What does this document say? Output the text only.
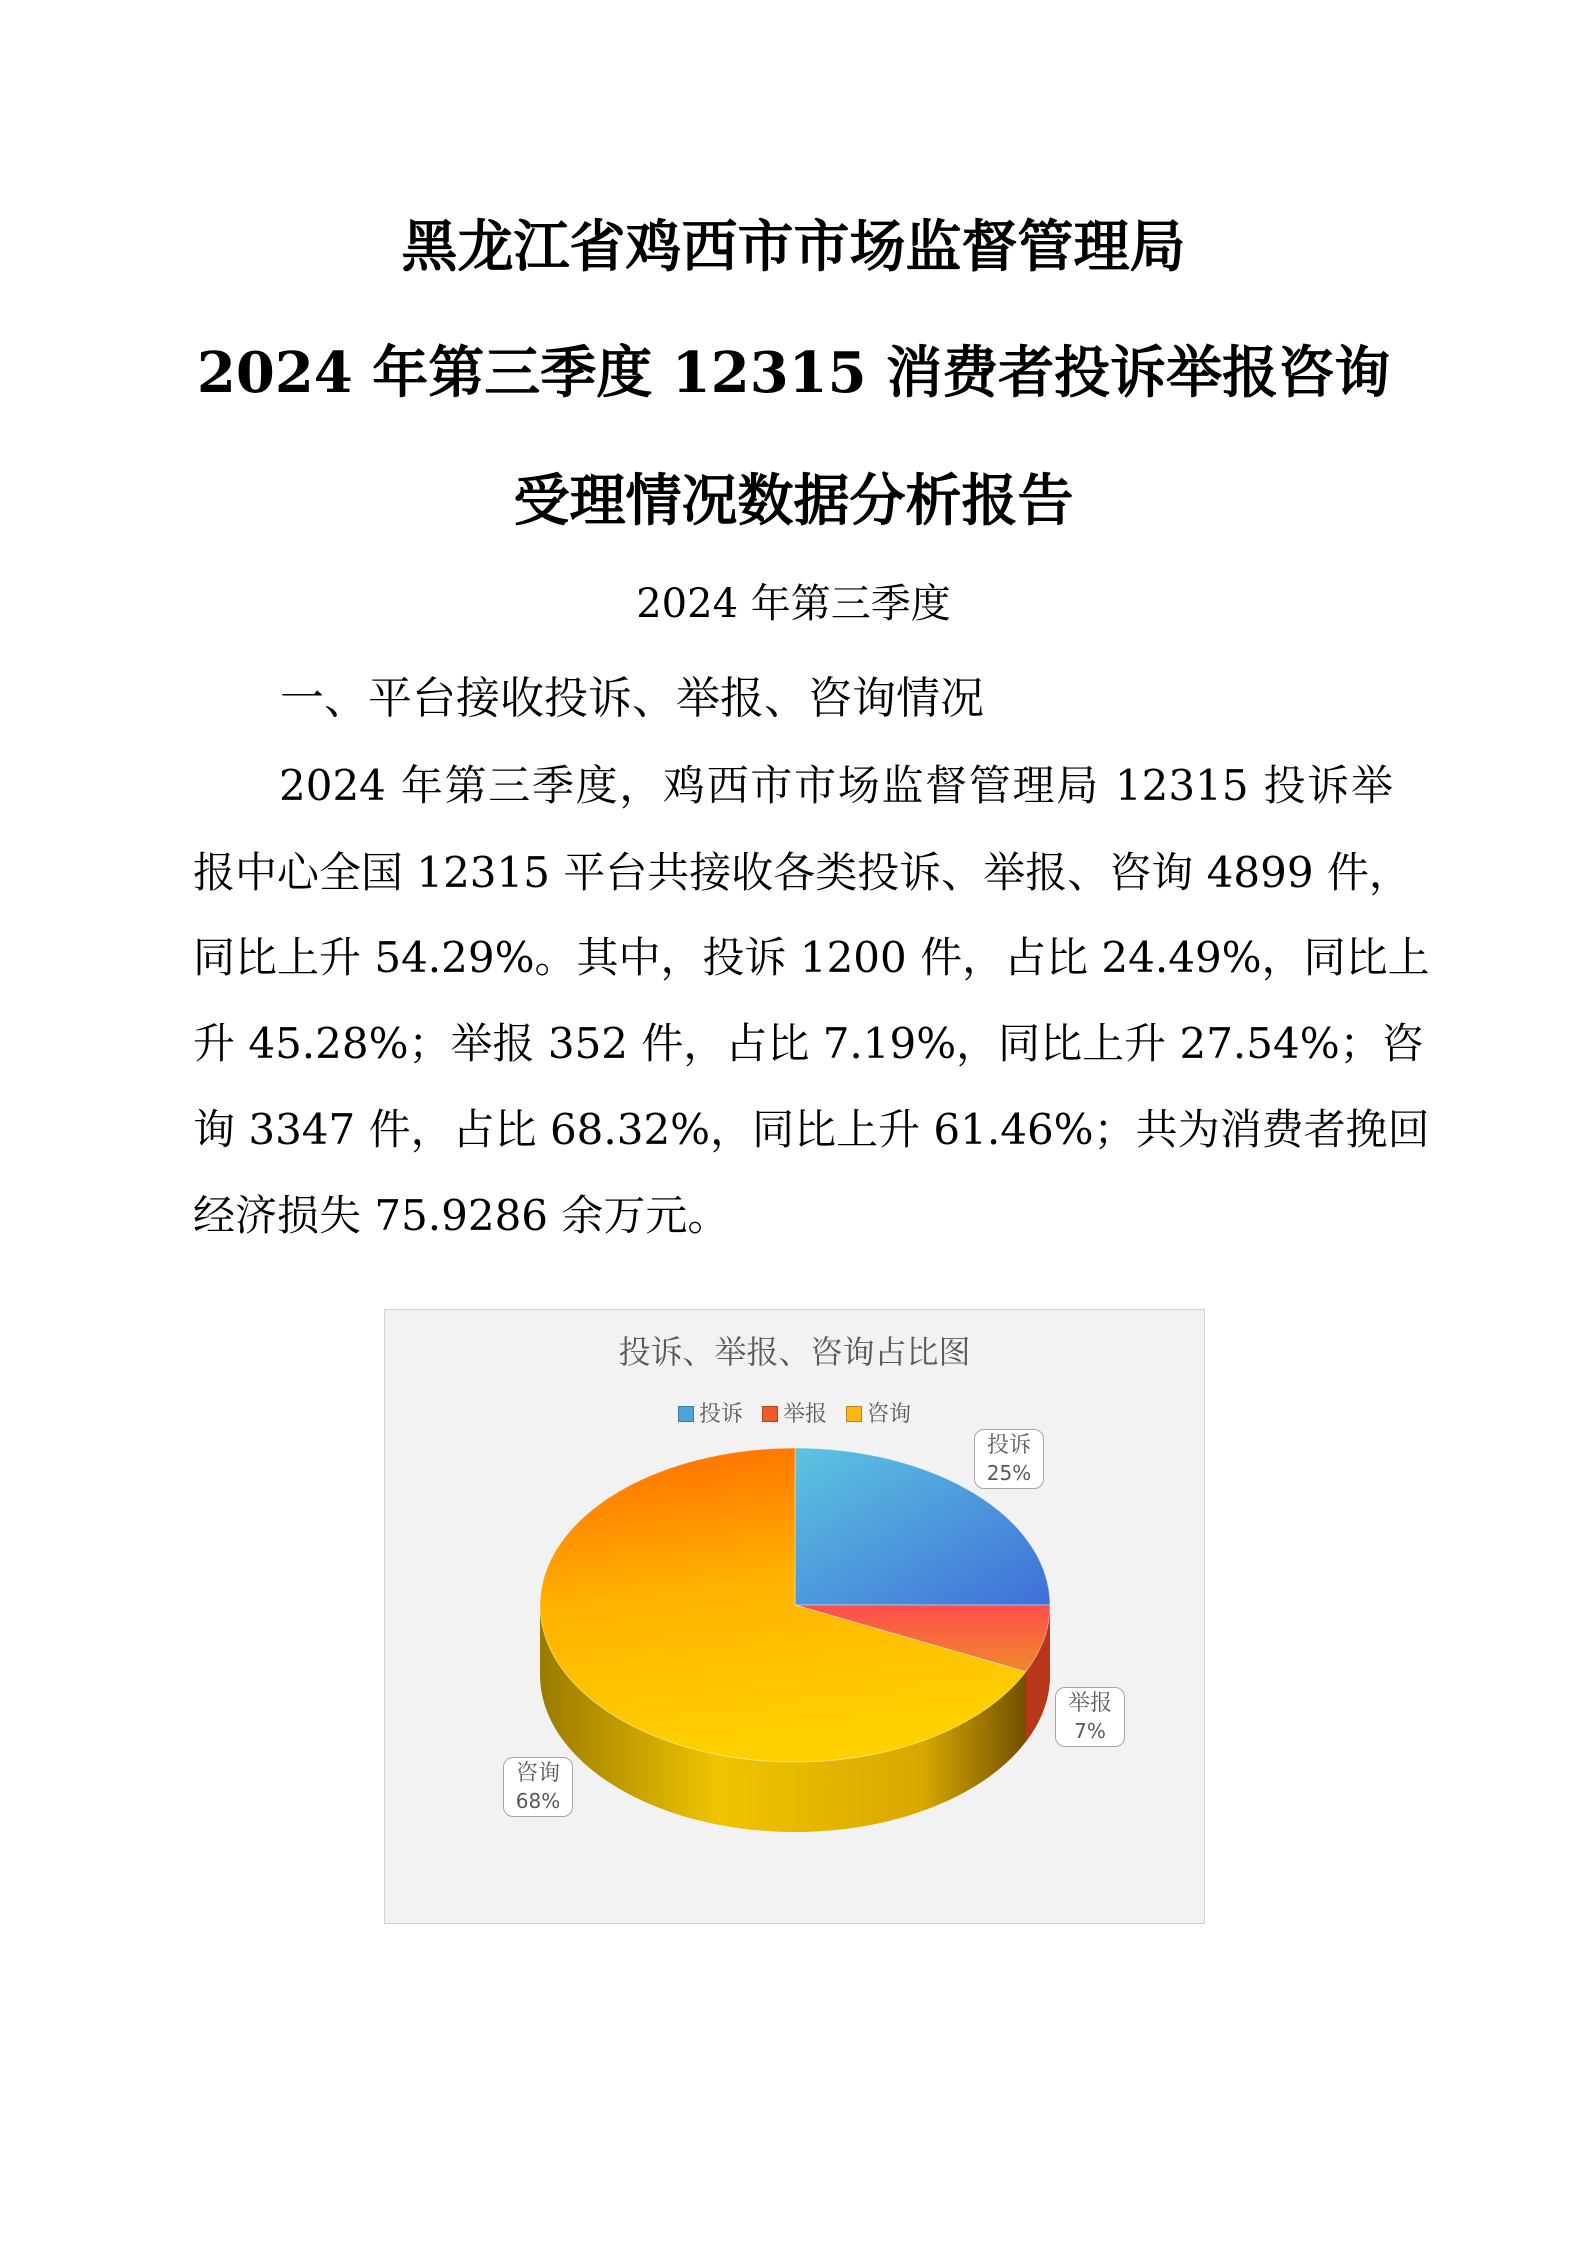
黑龙江省鸡西市市场监督管理局
2024 年第三季度 12315 消费者投诉举报咨询
受理情况数据分析报告
2024 年第三季度
一、平台接收投诉、举报、咨询情况
2024 年第三季度，鸡西市市场监督管理局 12315 投诉举
报中心全国 12315 平台共接收各类投诉、举报、咨询 4899 件，
同比上升 54.29%。其中，投诉 1200 件，占比 24.49%，同比上
升 45.28%；举报 352 件，占比 7.19%，同比上升 27.54%；咨
询 3347 件，占比 68.32%，同比上升 61.46%；共为消费者挽回
经济损失 75.9286 余万元。
投诉、举报、咨询占比图
投诉 举报 咨询
投诉
25%
举报
7%
咨询
68%
